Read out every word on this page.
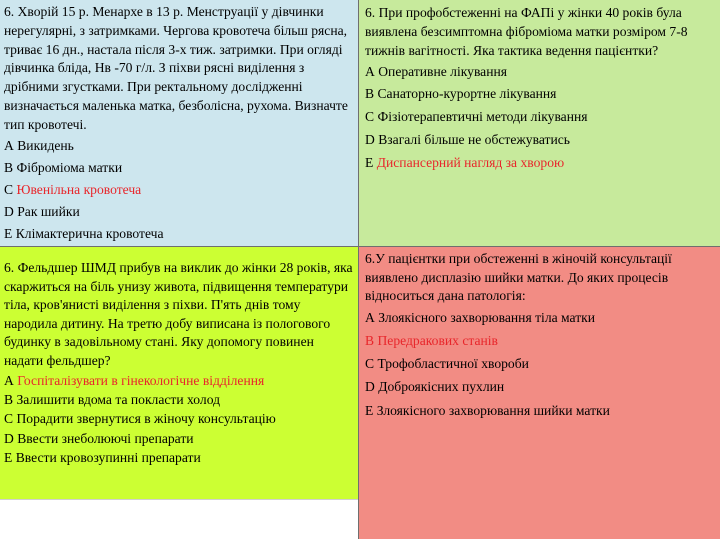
6. Хворій 15 р. Менархе в 13 р. Менструації у дівчинки нерегулярні, з затримками. Чергова кровотеча більш рясна, триває 16 дн., настала після 3-х тиж. затримки. При огляді дівчинка бліда, Нв -70 г/л. З піхви рясні виділення з дрібними згустками. При ректальному дослідженні визначається маленька матка, безболісна, рухома. Визначте тип кровотечі.

А Викидень
В Фіброміома матки
С Ювенільна кровотеча
D Рак шийки
Е Клімактерична кровотеча

6. При профобстеженні на ФАПі у жінки 40 років була виявлена безсимптомна фіброміома матки розміром 7-8 тижнів вагітності. Яка тактика ведення пацієнтки?

А Оперативне лікування
В Санаторно-курортне лікування
С Фізіотерапевтичні методи лікування
D Взагалі більше не обстежуватись
Е Диспансерний нагляд за хворою

6. Фельдшер ШМД прибув на виклик до жінки 28 років, яка скаржиться на біль унизу живота, підвищення температури тіла, кров'янисті виділення з піхви. П'ять днів тому народила дитину. На третю добу виписана із пологового будинку в задовільному стані. Яку допомогу повинен надати фельдшер?

А Госпіталізувати в гінекологічне відділення
В Залишити вдома та покласти холод
С Порадити звернутися в жіночу консультацію
D Ввести знеболюючі препарати
Е Ввести кровозупинні препарати

6.У пацієнтки при обстеженні в жіночій консультації виявлено дисплазію шийки матки. До яких процесів відноситься дана патологія:

А Злоякісного захворювання тіла матки
В Передракових станів
С Трофобластичної хвороби
D Доброякісних пухлин
Е Злоякісного захворювання шийки матки
